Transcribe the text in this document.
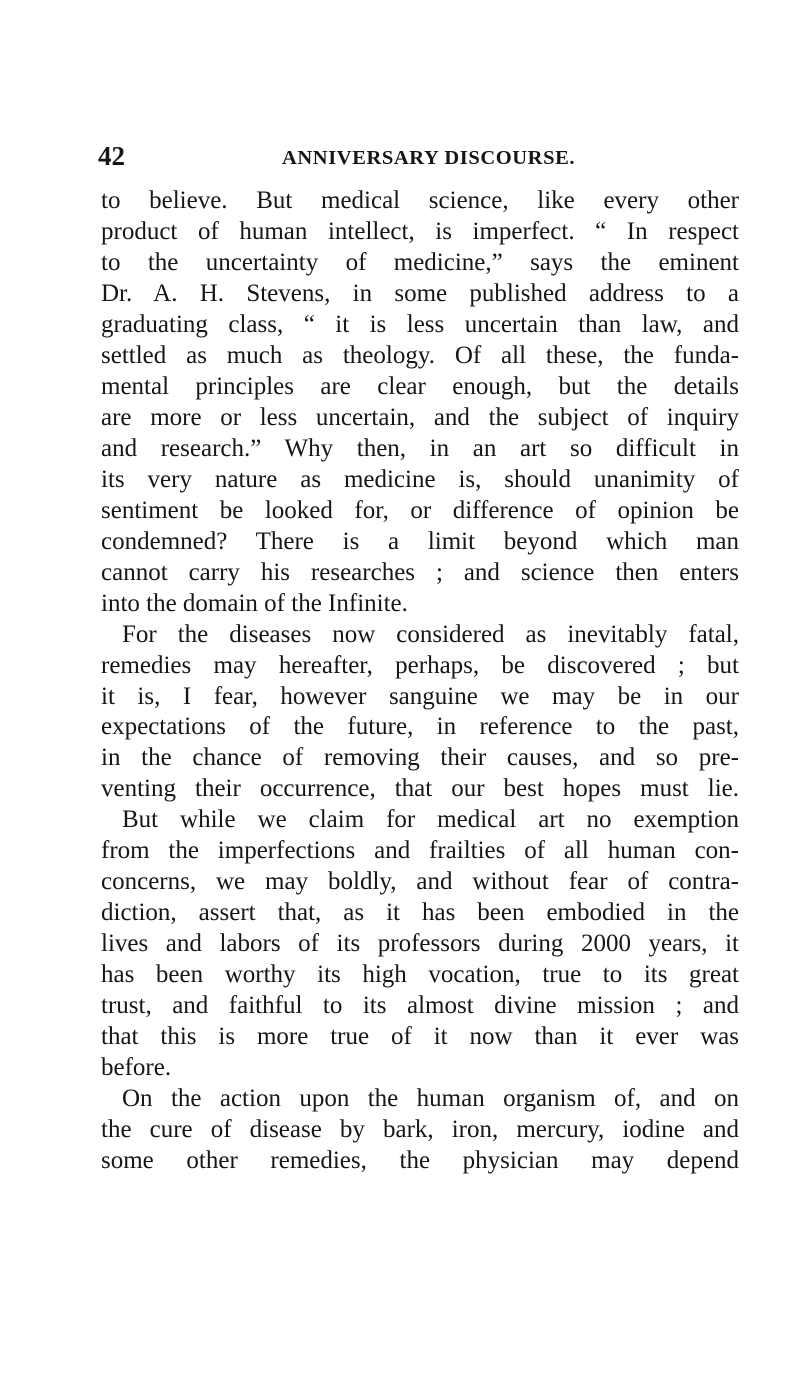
42	ANNIVERSARY DISCOURSE.
to believe. But medical science, like every other
product of human intellect, is imperfect. “ In respect
to the uncertainty of medicine,” says the eminent
Dr. A. H. Stevens, in some published address to a
graduating class, “ it is less uncertain than law, and
settled as much as theology. Of all these, the funda-
mental principles are clear enough, but the details
are more or less uncertain, and the subject of inquiry
and research.” Why then, in an art so difficult in
its very nature as medicine is, should unanimity of
sentiment be looked for, or difference of opinion be
condemned? There is a limit beyond which man
cannot carry his researches ; and science then enters
into the domain of the Infinite.
For the diseases now considered as inevitably fatal,
remedies may hereafter, perhaps, be discovered ; but
it is, I fear, however sanguine we may be in our
expectations of the future, in reference to the past,
in the chance of removing their causes, and so pre-
venting their occurrence, that our best hopes must lie.
But while we claim for medical art no exemption
from the imperfections and frailties of all human con-
concerns, we may boldly, and without fear of contra-
diction, assert that, as it has been embodied in the
lives and labors of its professors during 2000 years, it
has been worthy its high vocation, true to its great
trust, and faithful to its almost divine mission ; and
that this is more true of it now than it ever was
before.
On the action upon the human organism of, and on
the cure of disease by bark, iron, mercury, iodine and
some other remedies, the physician may depend
